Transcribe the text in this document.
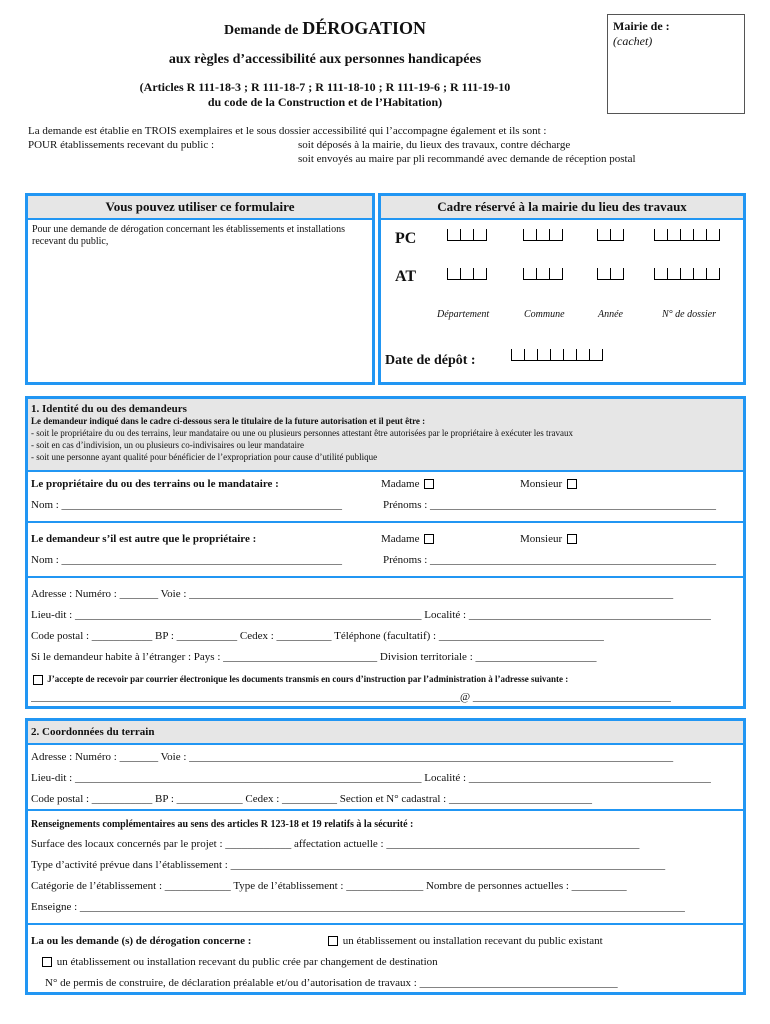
Demande de DÉROGATION
aux règles d’accessibilité aux personnes handicapées
(Articles R 111-18-3 ; R 111-18-7 ; R 111-18-10 ; R 111-19-6 ; R 111-19-10
du code de la Construction et de l’Habitation)
Mairie de :
(cachet)
La demande est établie en TROIS exemplaires et le sous dossier accessibilité qui l’accompagne également et ils sont :
POUR établissements recevant du public :	soit déposés à la mairie, du lieux des travaux, contre décharge
soit envoyés au maire par pli recommandé avec demande de réception postal
Vous pouvez utiliser ce formulaire
Pour une demande de dérogation concernant les établissements et installations recevant du public,
Cadre réservé à la mairie du lieu des travaux
PC

AT

Département	Commune	Année	N° de dossier
Date de dépôt :
1. Identité du ou des demandeurs
Le demandeur indiqué dans le cadre ci-dessous sera le titulaire de la future autorisation et il peut être :
- soit le propriétaire du ou des terrains, leur mandataire ou une ou plusieurs personnes attestant être autorisées par le propriétaire à exécuter les travaux
- soit en cas d’indivision, un ou plusieurs co-indivisaires ou leur mandataire
- soit une personne ayant qualité pour bénéficier de l’expropriation pour cause d’utilité publique
Le propriétaire du ou des terrains ou le mandataire :	Madame	Monsieur
Nom : ___________________________________________________	Prénoms : ____________________________________________________
Le demandeur s’il est autre que le propriétaire :	Madame	Monsieur
Nom : ___________________________________________________	Prénoms : ____________________________________________________
Adresse : Numéro : _______ Voie : ________________________________________________________________________________________
Lieu-dit : _______________________________________________________________ Localité : ____________________________________________
Code postal : ___________ BP : ___________ Cedex : __________ Téléphone (facultatif) : ______________________________
Si le demandeur habite à l’étranger : Pays : ____________________________ Division territoriale : ______________________
J’accepte de recevoir par courrier électronique les documents transmis en cours d’instruction par l’administration à l’adresse suivante :
______________________________________________________________________________@ ____________________________________
2. Coordonnées du terrain
Adresse : Numéro : _______ Voie : ________________________________________________________________________________________
Lieu-dit : _______________________________________________________________ Localité : ____________________________________________
Code postal : ___________ BP : ____________ Cedex : __________ Section et N° cadastral : __________________________
Renseignements complémentaires au sens des articles R 123-18 et 19 relatifs à la sécurité :
Surface des locaux concernés par le projet : ____________ affectation actuelle : ______________________________________________
Type d’activité prévue dans l’établissement : _______________________________________________________________________________
Catégorie de l’établissement : ____________ Type de l’établissement : ______________ Nombre de personnes actuelles : __________
Enseigne : ______________________________________________________________________________________________________________
La ou les demande (s) de dérogation concerne :	un établissement ou installation recevant du public existant
un établissement ou installation recevant du public crée par changement de destination
N° de permis de construire, de déclaration préalable et/ou d’autorisation de travaux : ____________________________________
